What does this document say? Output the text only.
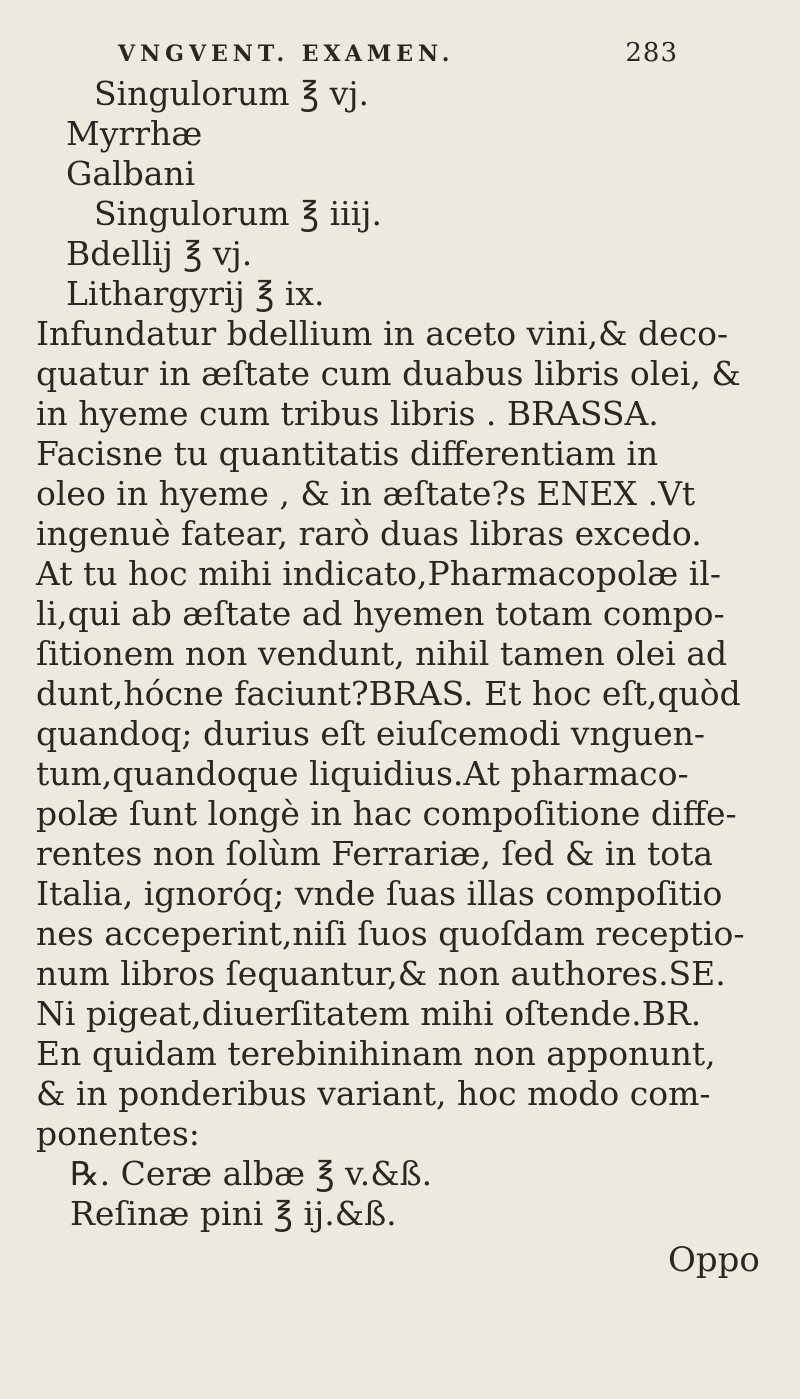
VNGVENT. EXAMEN.	283
Singulorum ℥ vj.
Myrrhæ
Galbani
Singulorum ℥ iiij.
Bdellij ℥ vj.
Lithargyrij ℥ ix.
Infundatur bdellium in aceto vini,& deco-
quatur in æſtate cum duabus libris olei, &
in hyeme cum tribus libris . BRASSA.
Facisne tu quantitatis differentiam in
oleo in hyeme , & in æſtate?s ENEX .Vt
ingenuè fatear, rarò duas libras excedo.
At tu hoc mihi indicato,Pharmacopolæ il-
li,qui ab æſtate ad hyemen totam compo-
ſitionem non vendunt, nihil tamen olei ad
dunt,hócne faciunt?BRAS. Et hoc eſt,quòd
quandoq; durius eſt eiuſcemodi vnguen-
tum,quandoque liquidius.At pharmaco-
polæ ſunt longè in hac compoſitione diffe-
rentes non ſolùm Ferrariæ, ſed & in tota
Italia, ignoróq; vnde ſuas illas compoſitio
nes acceperint,niſi ſuos quoſdam receptio-
num libros ſequantur,& non authores.SE.
Ni pigeat,diuerſitatem mihi oſtende.BR.
En quidam terebinihinam non apponunt,
& in ponderibus variant, hoc modo com-
ponentes:
℞. Ceræ albæ ℥ v.&ß.
Reſinæ pini ℥ ij.&ß.
Oppo
